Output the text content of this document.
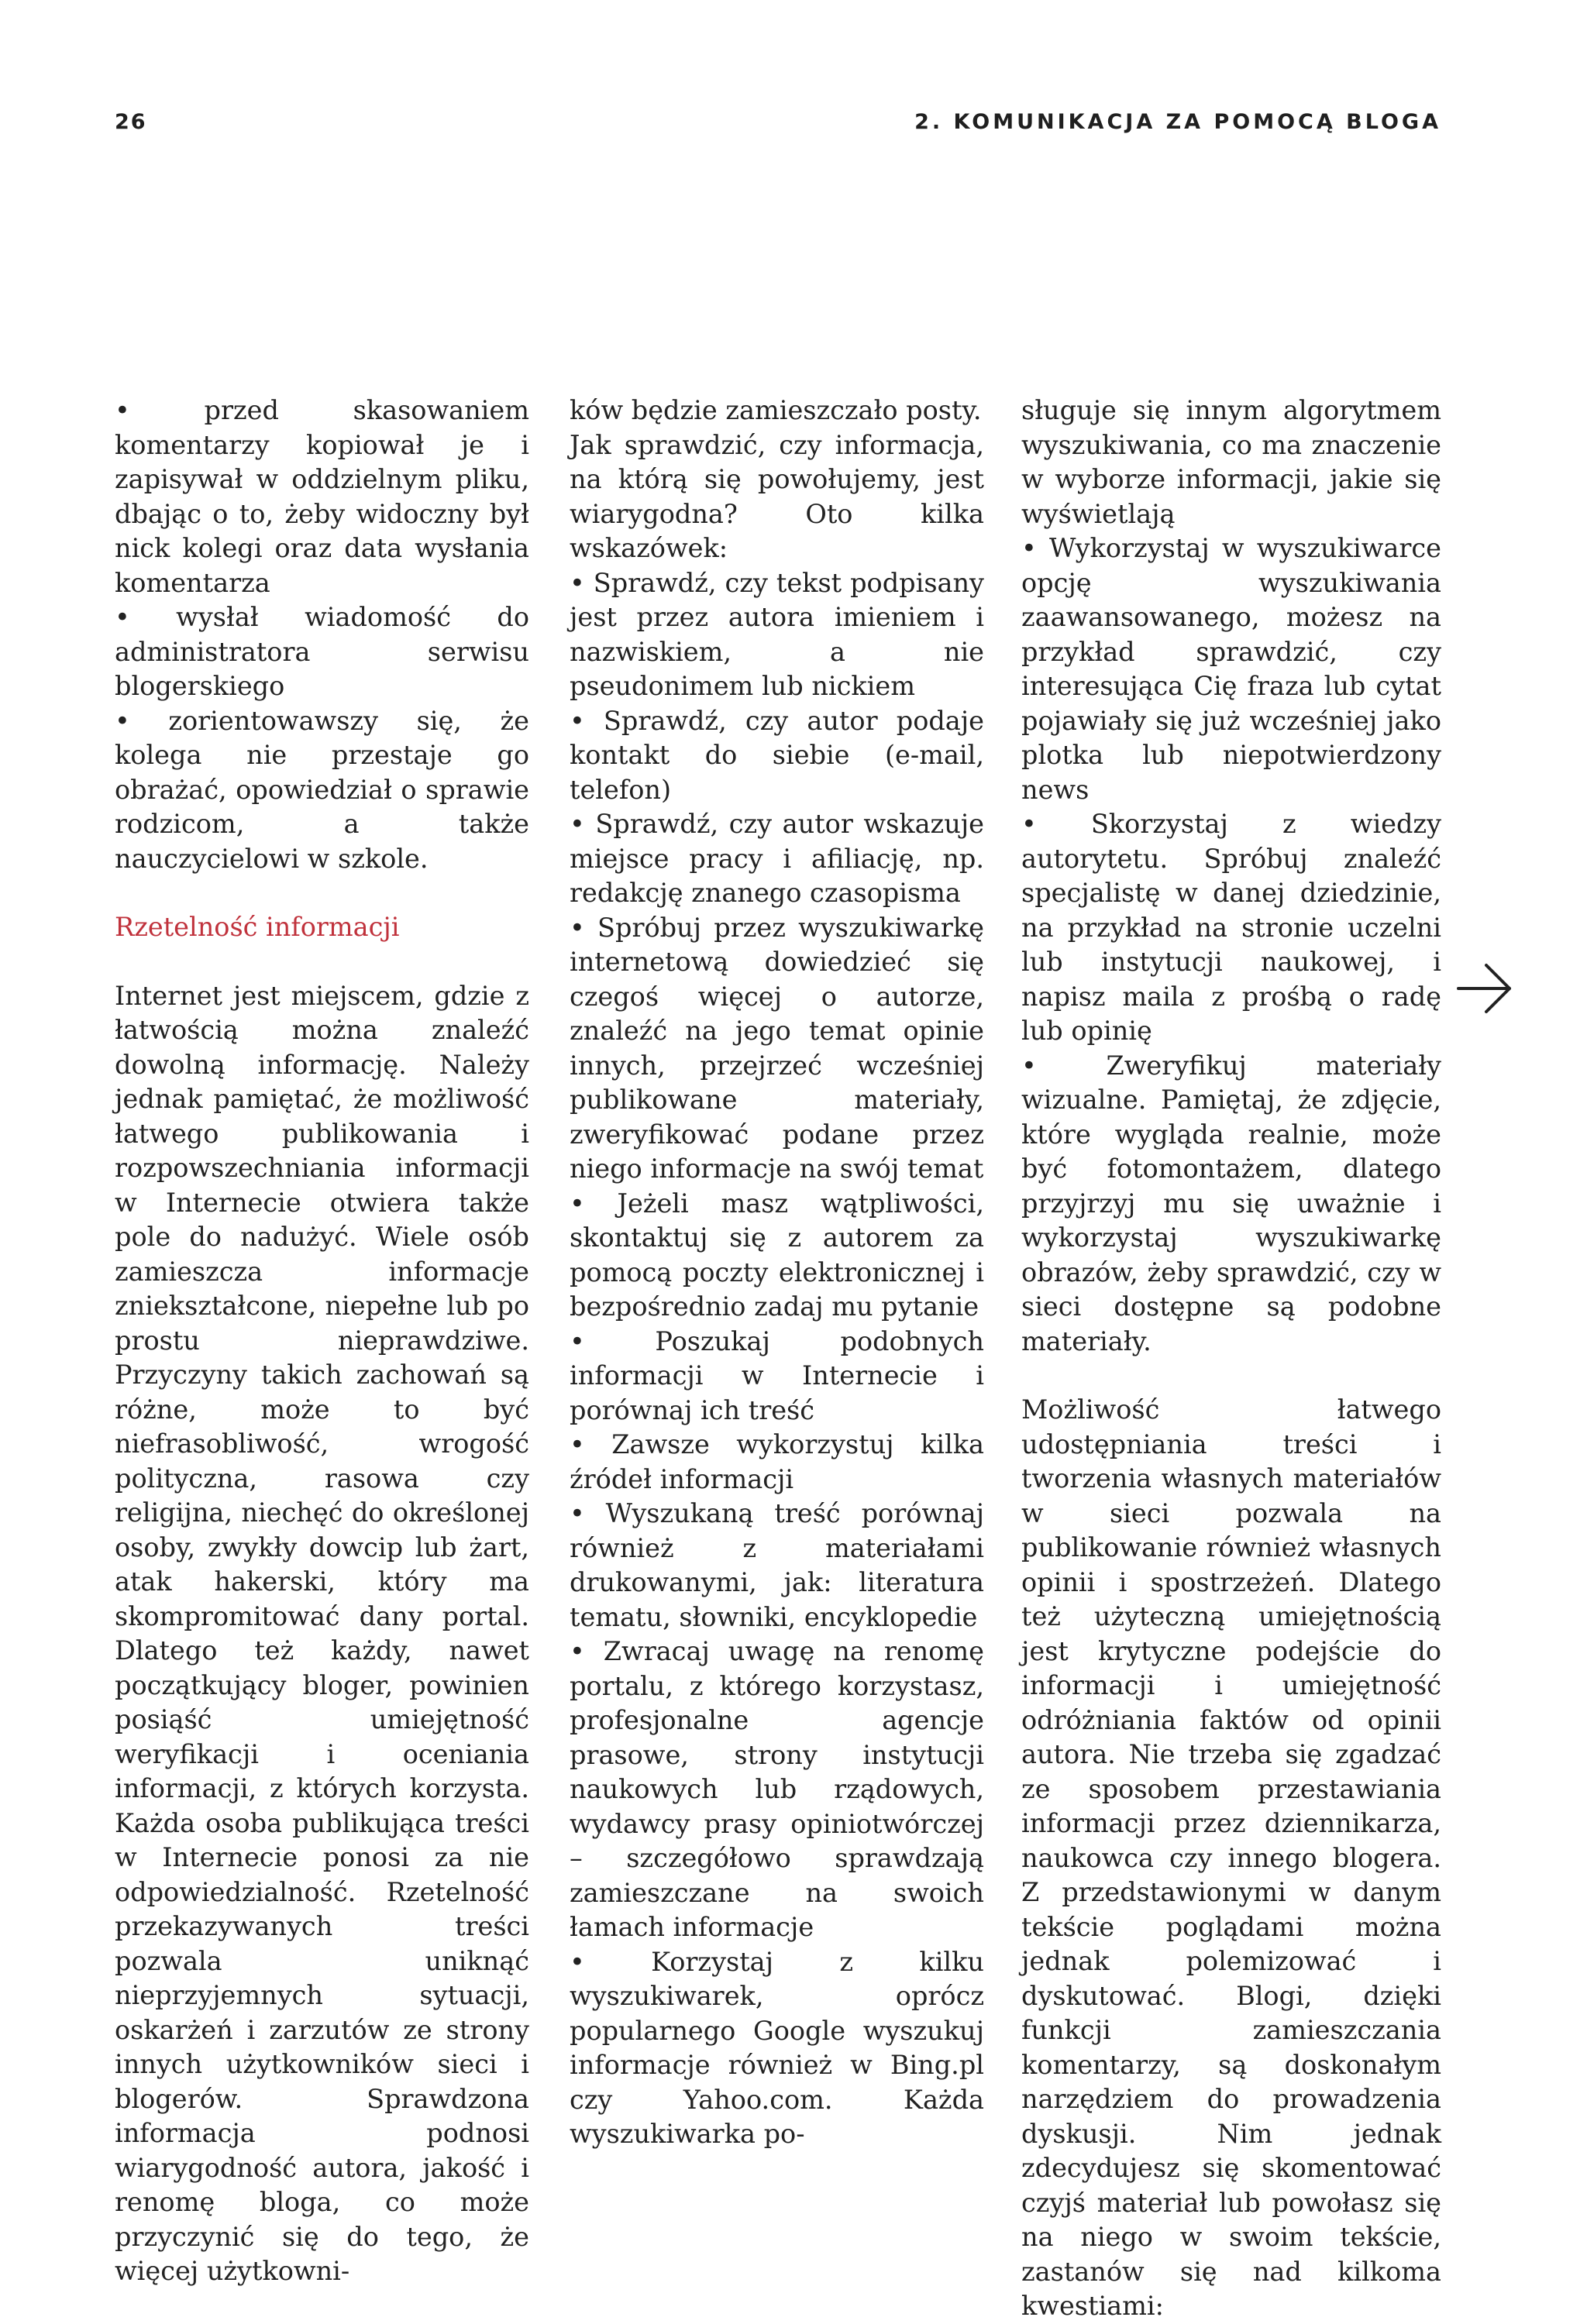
26	2. KOMUNIKACJA ZA POMOCĄ BLOGA

• przed skasowaniem komentarzy kopiował je i zapisywał w oddzielnym pliku, dbając o to, żeby widoczny był nick kolegi oraz data wysłania komentarza

• wysłał wiadomość do administratora serwisu blogerskiego

• zorientowawszy się, że kolega nie przestaje go obrażać, opowiedział o sprawie rodzicom, a także nauczycielowi w szkole.

Rzetelność informacji

Internet jest miejscem, gdzie z łatwością można znaleźć dowolną informację. Należy jednak pamiętać, że możliwość łatwego publikowania i rozpowszechniania informacji w Internecie otwiera także pole do nadużyć. Wiele osób zamieszcza informacje zniekształcone, niepełne lub po prostu nieprawdziwe. Przyczyny takich zachowań są różne, może to być niefrasobliwość, wrogość polityczna, rasowa czy religijna, niechęć do określonej osoby, zwykły dowcip lub żart, atak hakerski, który ma skompromitować dany portal. Dlatego też każdy, nawet początkujący bloger, powinien posiąść umiejętność weryfikacji i oceniania informacji, z których korzysta. Każda osoba publikująca treści w Internecie ponosi za nie odpowiedzialność. Rzetelność przekazywanych treści pozwala uniknąć nieprzyjemnych sytuacji, oskarżeń i zarzutów ze strony innych użytkowników sieci i blogerów. Sprawdzona informacja podnosi wiarygodność autora, jakość i renomę bloga, co może przyczynić się do tego, że więcej użytkowni-

ków będzie zamieszczało posty.

Jak sprawdzić, czy informacja, na którą się powołujemy, jest wiarygodna? Oto kilka wskazówek:

• Sprawdź, czy tekst podpisany jest przez autora imieniem i nazwiskiem, a nie pseudonimem lub nickiem

• Sprawdź, czy autor podaje kontakt do siebie (e-mail, telefon)

• Sprawdź, czy autor wskazuje miejsce pracy i afiliację, np. redakcję znanego czasopisma

• Spróbuj przez wyszukiwarkę internetową dowiedzieć się czegoś więcej o autorze, znaleźć na jego temat opinie innych, przejrzeć wcześniej publikowane materiały, zweryfikować podane przez niego informacje na swój temat

• Jeżeli masz wątpliwości, skontaktuj się z autorem za pomocą poczty elektronicznej i bezpośrednio zadaj mu pytanie

• Poszukaj podobnych informacji w Internecie i porównaj ich treść

• Zawsze wykorzystuj kilka źródeł informacji

• Wyszukaną treść porównaj również z materiałami drukowanymi, jak: literatura tematu, słowniki, encyklopedie

• Zwracaj uwagę na renomę portalu, z którego korzystasz, profesjonalne agencje prasowe, strony instytucji naukowych lub rządowych, wydawcy prasy opiniotwórczej – szczegółowo sprawdzają zamieszczane na swoich łamach informacje

• Korzystaj z kilku wyszukiwarek, oprócz popularnego Google wyszukuj informacje również w Bing.pl czy Yahoo.com. Każda wyszukiwarka po-

sługuje się innym algorytmem wyszukiwania, co ma znaczenie w wyborze informacji, jakie się wyświetlają

• Wykorzystaj w wyszukiwarce opcję wyszukiwania zaawansowanego, możesz na przykład sprawdzić, czy interesująca Cię fraza lub cytat pojawiały się już wcześniej jako plotka lub niepotwierdzony news

• Skorzystaj z wiedzy autorytetu. Spróbuj znaleźć specjalistę w danej dziedzinie, na przykład na stronie uczelni lub instytucji naukowej, i napisz maila z prośbą o radę lub opinię

• Zweryfikuj materiały wizualne. Pamiętaj, że zdjęcie, które wygląda realnie, może być fotomontażem, dlatego przyjrzyj mu się uważnie i wykorzystaj wyszukiwarkę obrazów, żeby sprawdzić, czy w sieci dostępne są podobne materiały.

Możliwość łatwego udostępniania treści i tworzenia własnych materiałów w sieci pozwala na publikowanie również własnych opinii i spostrzeżeń. Dlatego też użyteczną umiejętnością jest krytyczne podejście do informacji i umiejętność odróżniania faktów od opinii autora. Nie trzeba się zgadzać ze sposobem przestawiania informacji przez dziennikarza, naukowca czy innego blogera. Z przedstawionymi w danym tekście poglądami można jednak polemizować i dyskutować. Blogi, dzięki funkcji zamieszczania komentarzy, są doskonałym narzędziem do prowadzenia dyskusji. Nim jednak zdecydujesz się skomentować czyjś materiał lub powołasz się na niego w swoim tekście, zastanów się nad kilkoma kwestiami:
